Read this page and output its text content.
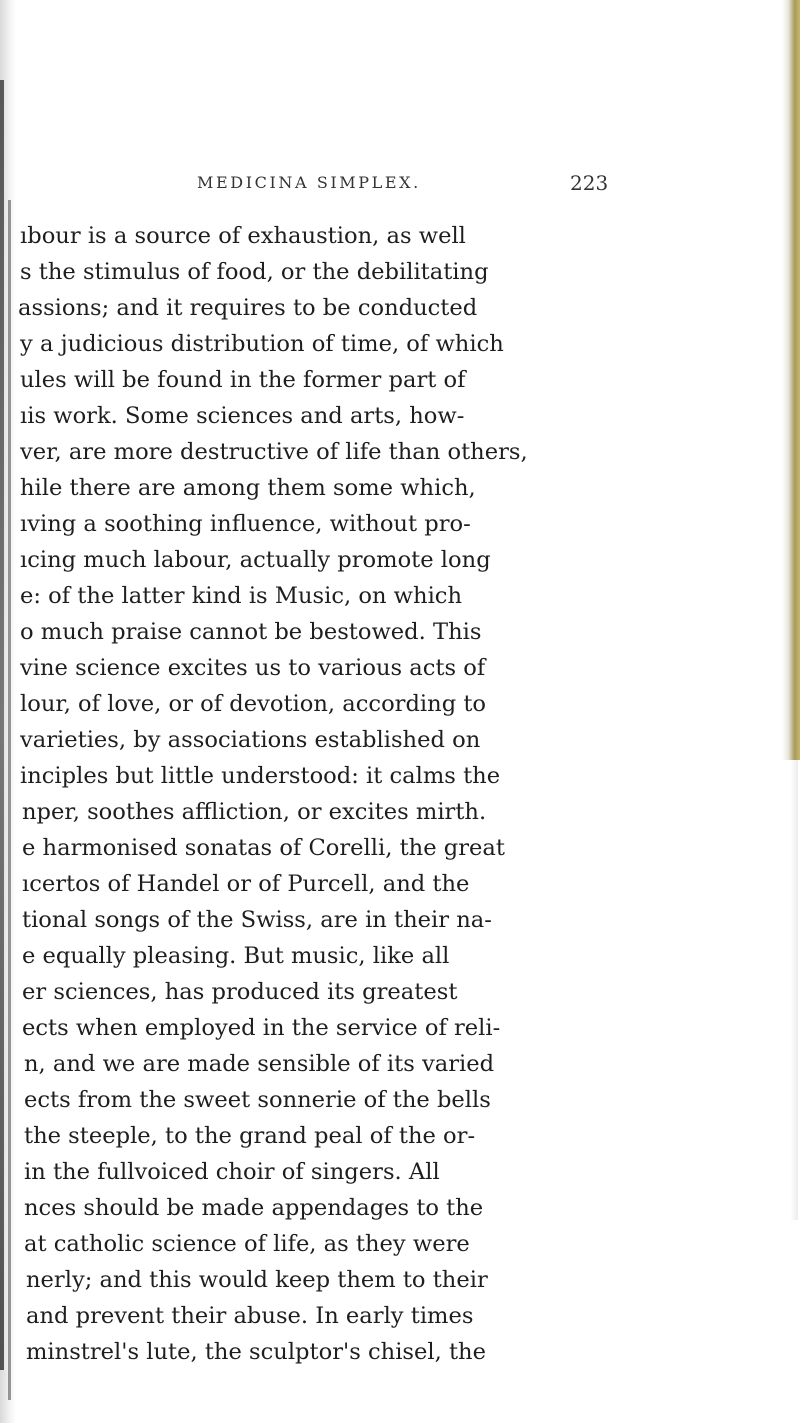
MEDICINA SIMPLEX.	223
ıbour is a source of exhaustion, as well
s the stimulus of food, or the debilitating
assions; and it requires to be conducted
y a judicious distribution of time, of which
ules will be found in the former part of
ıis work. Some sciences and arts, how-
ver, are more destructive of life than others,
hile there are among them some which,
ıving a soothing influence, without pro-
ıcing much labour, actually promote long
e: of the latter kind is Music, on which
o much praise cannot be bestowed. This
vine science excites us to various acts of
lour, of love, or of devotion, according to
varieties, by associations established on
inciples but little understood: it calms the
nper, soothes affliction, or excites mirth.
e harmonised sonatas of Corelli, the great
ıcertos of Handel or of Purcell, and the
tional songs of the Swiss, are in their na-
e equally pleasing. But music, like all
er sciences, has produced its greatest
ects when employed in the service of reli-
n, and we are made sensible of its varied
ects from the sweet sonnerie of the bells
the steeple, to the grand peal of the or-
in the fullvoiced choir of singers. All
nces should be made appendages to the
at catholic science of life, as they were
nerly; and this would keep them to their
and prevent their abuse. In early times
minstrel's lute, the sculptor's chisel, the
